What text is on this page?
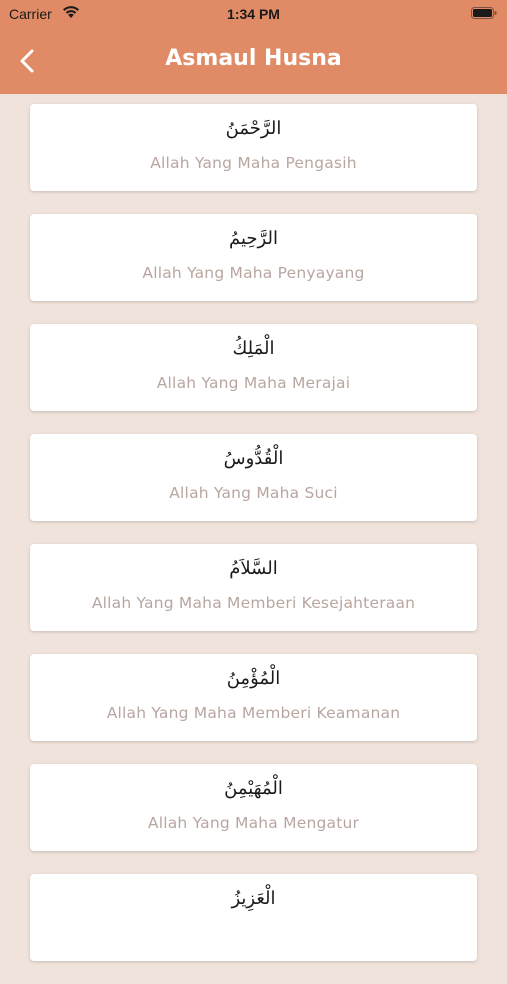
Carrier	1:34 PM
Asmaul Husna
الرَّحْمَنُ
Allah Yang Maha Pengasih
الرَّحِيمُ
Allah Yang Maha Penyayang
الْمَلِكُ
Allah Yang Maha Merajai
الْقُدُّوسُ
Allah Yang Maha Suci
السَّلاَمُ
Allah Yang Maha Memberi Kesejahteraan
الْمُؤْمِنُ
Allah Yang Maha Memberi Keamanan
الْمُهَيْمِنُ
Allah Yang Maha Mengatur
الْعَزِيزُ
